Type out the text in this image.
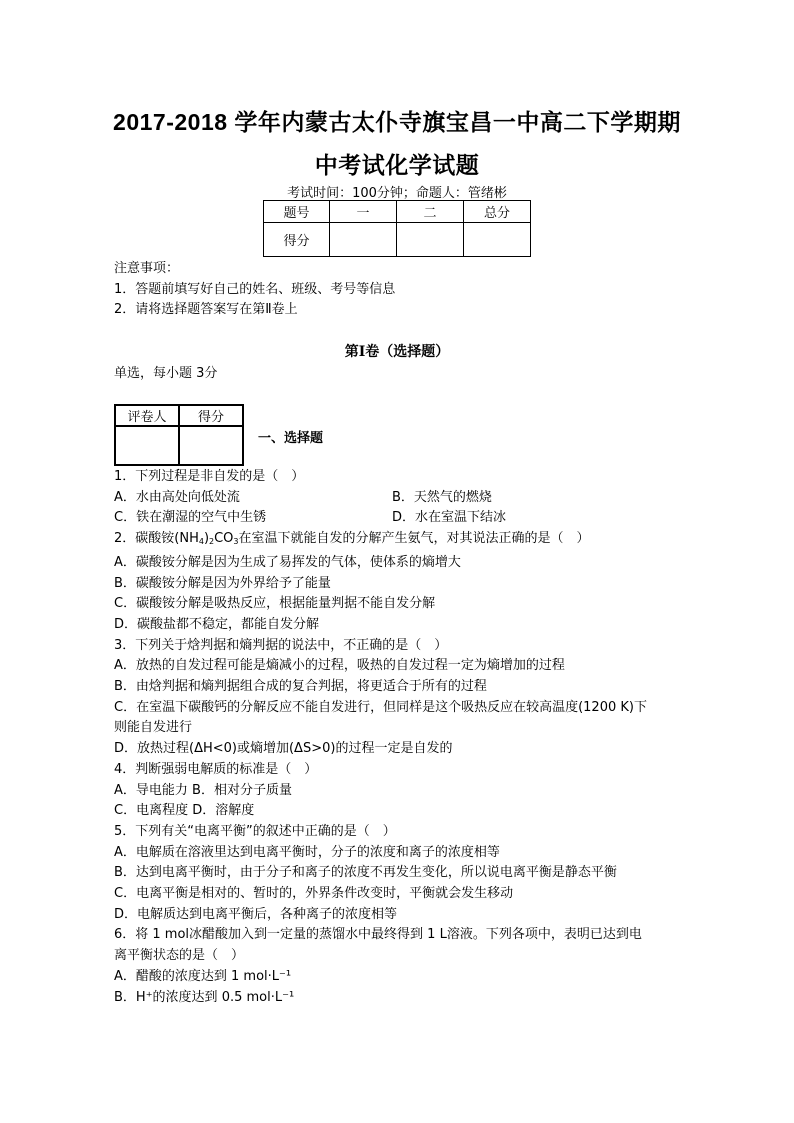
2017-2018 学年内蒙古太仆寺旗宝昌一中高二下学期期
中考试化学试题
考试时间：100分钟；命题人：管绪彬
题号	一	二	总分
得分			
注意事项：
1．答题前填写好自己的姓名、班级、考号等信息
2．请将选择题答案写在第Ⅱ卷上
第Ⅰ卷（选择题）
单选，每小题 3分
评卷人	得分

一、选择题
1．下列过程是非自发的是（　）
A．水由高处向低处流	B．天然气的燃烧
C．铁在潮湿的空气中生锈	D．水在室温下结冰
2．碳酸铵$(NH_4)_2CO_3$在室温下就能自发的分解产生氨气，对其说法正确的是（　）
A．碳酸铵分解是因为生成了易挥发的气体，使体系的熵增大
B．碳酸铵分解是因为外界给予了能量
C．碳酸铵分解是吸热反应，根据能量判据不能自发分解
D．碳酸盐都不稳定，都能自发分解
3．下列关于焓判据和熵判据的说法中，不正确的是（　）
A．放热的自发过程可能是熵减小的过程，吸热的自发过程一定为熵增加的过程
B．由焓判据和熵判据组合成的复合判据，将更适合于所有的过程
C．在室温下碳酸钙的分解反应不能自发进行，但同样是这个吸热反应在较高温度(1200 K)下
则能自发进行
D．放热过程(ΔH<0)或熵增加(ΔS>0)的过程一定是自发的
4．判断强弱电解质的标准是（　）
A．导电能力 B．相对分子质量
C．电离程度 D．溶解度
5．下列有关“电离平衡”的叙述中正确的是（　）
A．电解质在溶液里达到电离平衡时，分子的浓度和离子的浓度相等
B．达到电离平衡时，由于分子和离子的浓度不再发生变化，所以说电离平衡是静态平衡
C．电离平衡是相对的、暂时的，外界条件改变时，平衡就会发生移动
D．电解质达到电离平衡后，各种离子的浓度相等
6．将 1 mol冰醋酸加入到一定量的蒸馏水中最终得到 1 L溶液。下列各项中，表明已达到电
离平衡状态的是（　）
A．醋酸的浓度达到 1 mol·L⁻¹
B．H⁺的浓度达到 0.5 mol·L⁻¹
